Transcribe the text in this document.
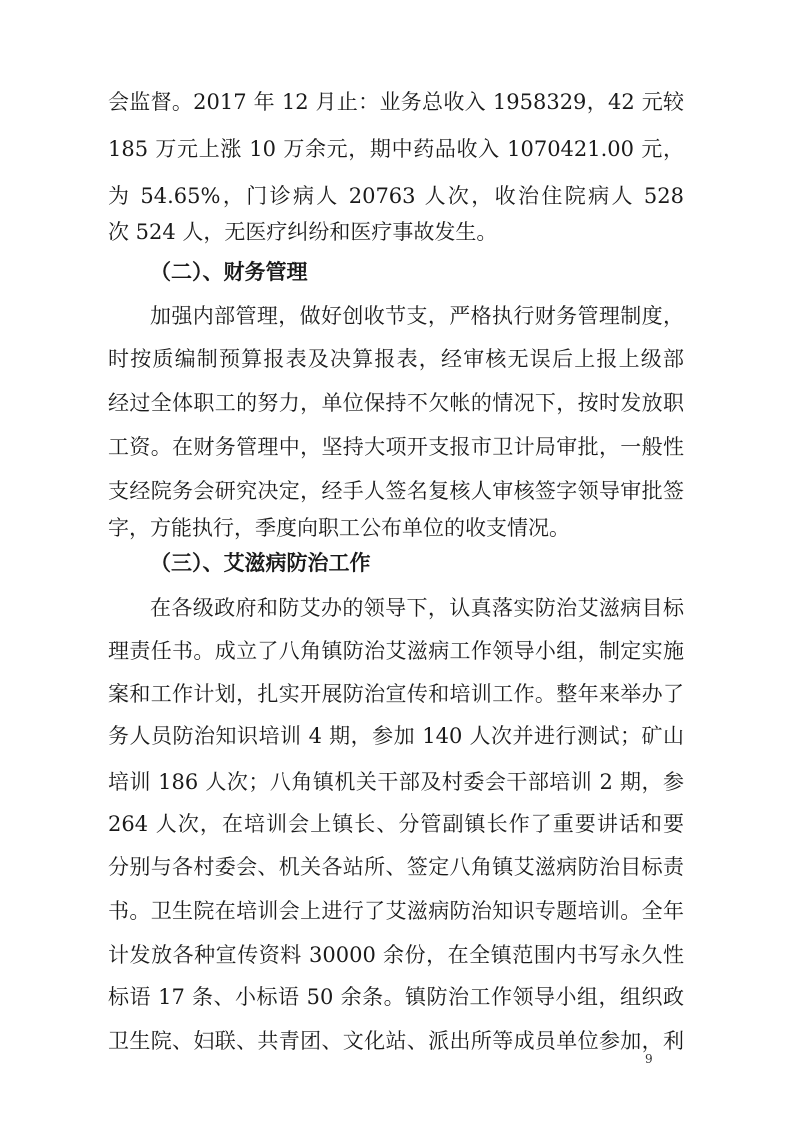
会监督。2017 年 12 月止：业务总收入 1958329，42 元较
185 万元上涨 10 万余元，期中药品收入 1070421.00 元，
为 54.65%，门诊病人 20763 人次，收治住院病人 528
次 524 人，无医疗纠纷和医疗事故发生。
（二）、财务管理
加强内部管理，做好创收节支，严格执行财务管理制度，
时按质编制预算报表及决算报表，经审核无误后上报上级部
经过全体职工的努力，单位保持不欠帐的情况下，按时发放职
工资。在财务管理中，坚持大项开支报市卫计局审批，一般性
支经院务会研究决定，经手人签名复核人审核签字领导审批签
字，方能执行，季度向职工公布单位的收支情况。
（三）、艾滋病防治工作
在各级政府和防艾办的领导下，认真落实防治艾滋病目标
理责任书。成立了八角镇防治艾滋病工作领导小组，制定实施
案和工作计划，扎实开展防治宣传和培训工作。整年来举办了
务人员防治知识培训 4 期，参加 140 人次并进行测试；矿山
培训 186 人次；八角镇机关干部及村委会干部培训 2 期，参
264 人次，在培训会上镇长、分管副镇长作了重要讲话和要
分别与各村委会、机关各站所、签定八角镇艾滋病防治目标责
书。卫生院在培训会上进行了艾滋病防治知识专题培训。全年
计发放各种宣传资料 30000 余份，在全镇范围内书写永久性
标语 17 条、小标语 50 余条。镇防治工作领导小组，组织政
卫生院、妇联、共青团、文化站、派出所等成员单位参加，利
9
